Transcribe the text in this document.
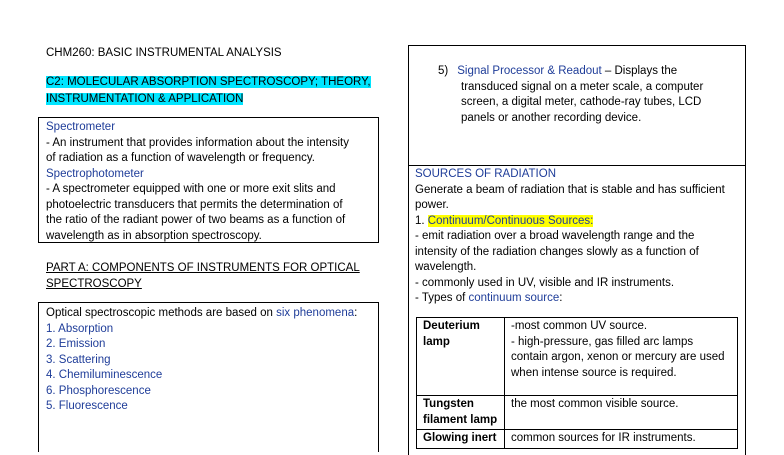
CHM260: BASIC INSTRUMENTAL ANALYSIS
C2: MOLECULAR ABSORPTION SPECTROSCOPY; THEORY,
INSTRUMENTATION & APPLICATION
Spectrometer
- An instrument that provides information about the intensity
of radiation as a function of wavelength or frequency.
Spectrophotometer
- A spectrometer equipped with one or more exit slits and
photoelectric transducers that permits the determination of
the ratio of the radiant power of two beams as a function of
wavelength as in absorption spectroscopy.
PART A: COMPONENTS OF INSTRUMENTS FOR OPTICAL
SPECTROSCOPY
Optical spectroscopic methods are based on six phenomena:
1. Absorption
2. Emission
3. Scattering
4. Chemiluminescence
6. Phosphorescence
5. Fluorescence
5) Signal Processor & Readout – Displays the
transduced signal on a meter scale, a computer
screen, a digital meter, cathode-ray tubes, LCD
panels or another recording device.
SOURCES OF RADIATION
Generate a beam of radiation that is stable and has sufficient
power.
1. Continuum/Continuous Sources:
- emit radiation over a broad wavelength range and the
intensity of the radiation changes slowly as a function of
wavelength.
- commonly used in UV, visible and IR instruments.
- Types of continuum source:
Deuterium
lamp	-most common UV source.
- high-pressure, gas filled arc lamps
contain argon, xenon or mercury are used
when intense source is required.

Tungsten
filament lamp	the most common visible source.

Glowing inert	common sources for IR instruments.
